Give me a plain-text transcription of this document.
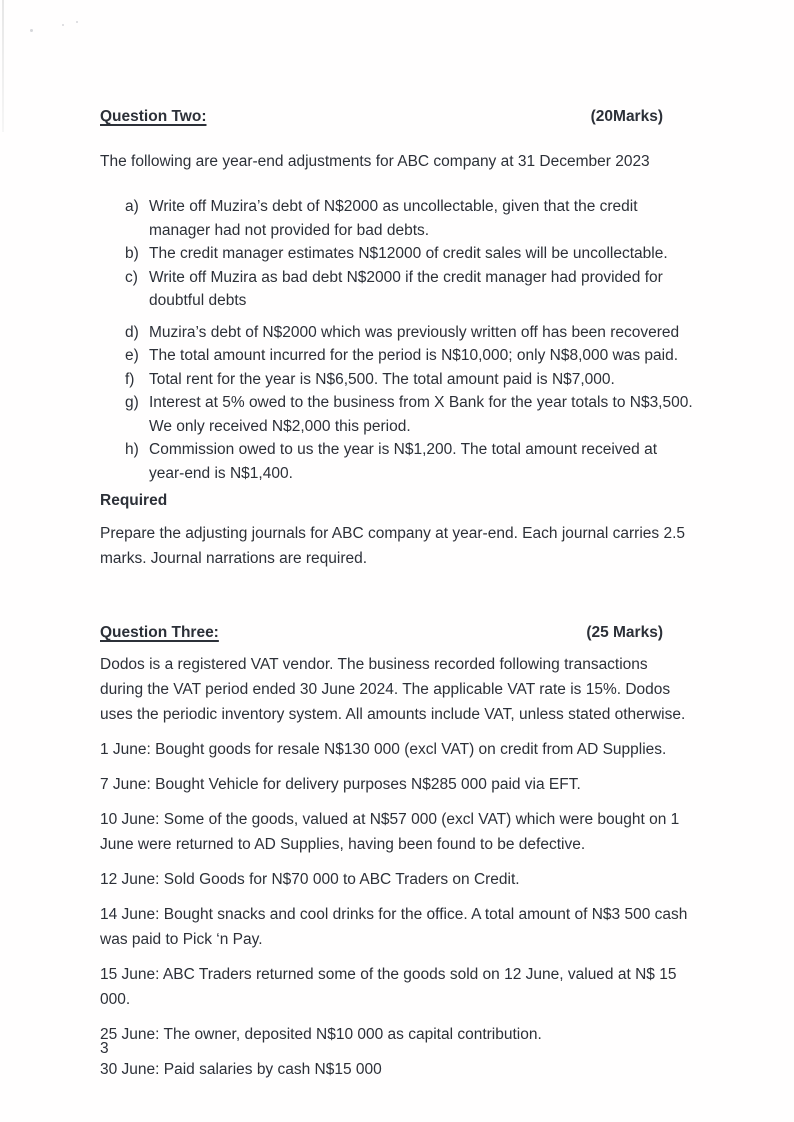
Question Two:	(20Marks)

The following are year-end adjustments for ABC company at 31 December 2023

a) Write off Muzira’s debt of N$2000 as uncollectable, given that the credit manager had not provided for bad debts.
b) The credit manager estimates N$12000 of credit sales will be uncollectable.
c) Write off Muzira as bad debt N$2000 if the credit manager had provided for doubtful debts
d) Muzira’s debt of N$2000 which was previously written off has been recovered
e) The total amount incurred for the period is N$10,000; only N$8,000 was paid.
f) Total rent for the year is N$6,500. The total amount paid is N$7,000.
g) Interest at 5% owed to the business from X Bank for the year totals to N$3,500. We only received N$2,000 this period.
h) Commission owed to us the year is N$1,200. The total amount received at year-end is N$1,400.

Required

Prepare the adjusting journals for ABC company at year-end. Each journal carries 2.5 marks. Journal narrations are required.

Question Three:	(25 Marks)

Dodos is a registered VAT vendor. The business recorded following transactions during the VAT period ended 30 June 2024. The applicable VAT rate is 15%. Dodos uses the periodic inventory system. All amounts include VAT, unless stated otherwise.

1 June: Bought goods for resale N$130 000 (excl VAT) on credit from AD Supplies.

7 June: Bought Vehicle for delivery purposes N$285 000 paid via EFT.

10 June: Some of the goods, valued at N$57 000 (excl VAT) which were bought on 1 June were returned to AD Supplies, having been found to be defective.

12 June: Sold Goods for N$70 000 to ABC Traders on Credit.

14 June: Bought snacks and cool drinks for the office. A total amount of N$3 500 cash was paid to Pick ‘n Pay.

15 June: ABC Traders returned some of the goods sold on 12 June, valued at N$ 15 000.

25 June: The owner, deposited N$10 000 as capital contribution.

30 June: Paid salaries by cash N$15 000

3
